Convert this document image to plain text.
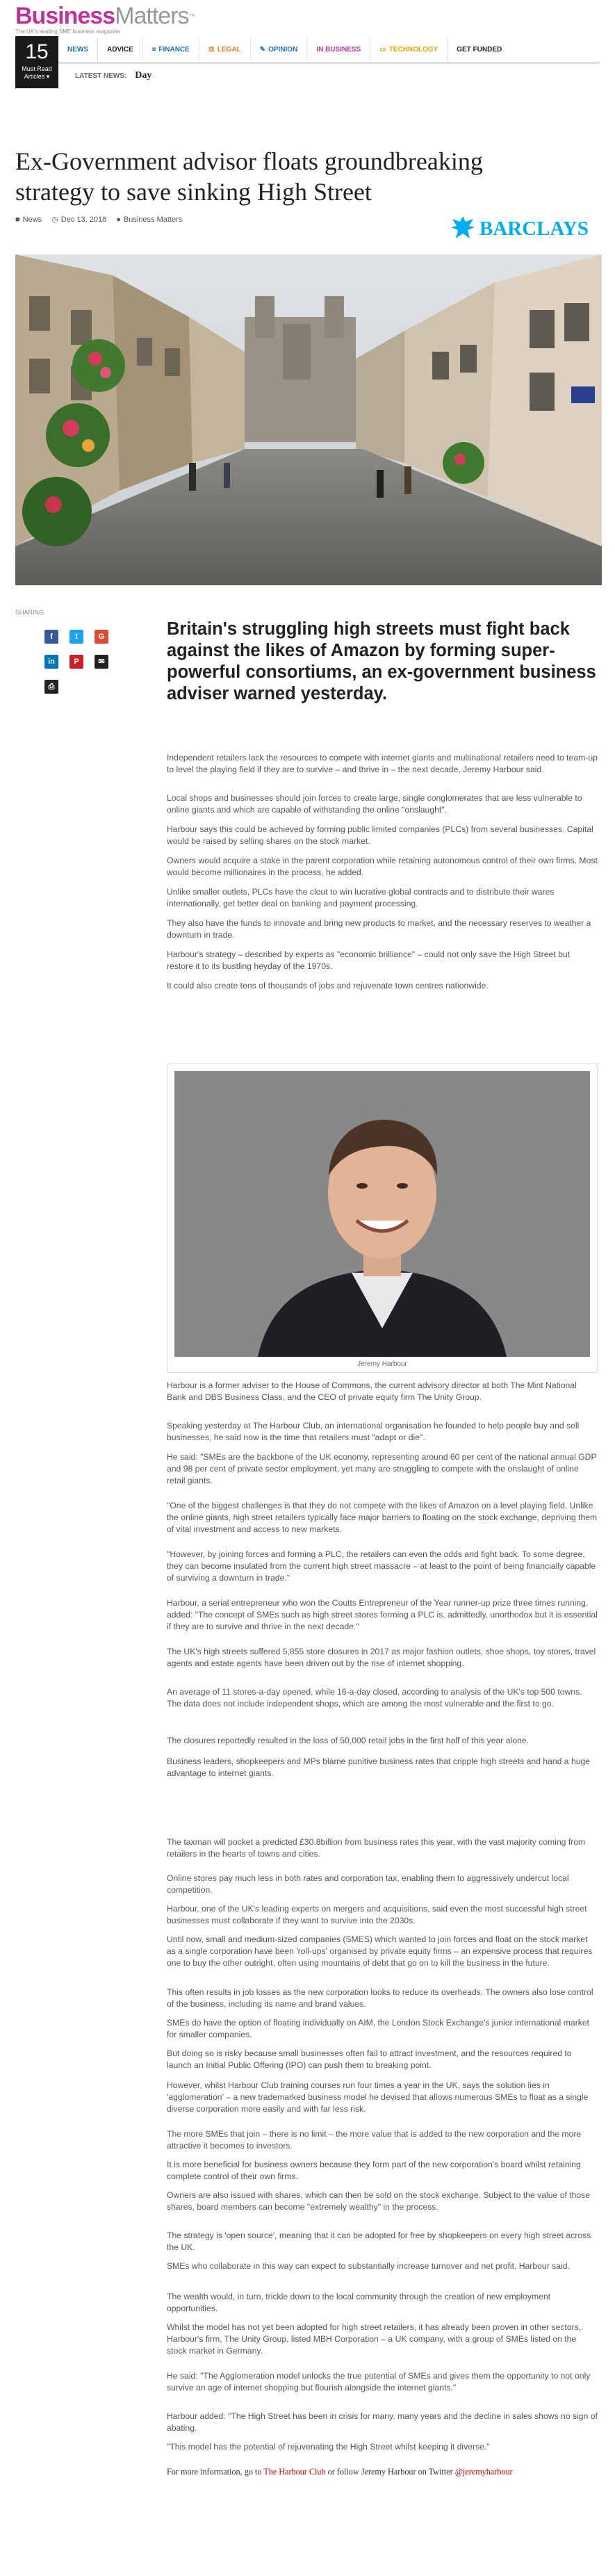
BusinessMatters™
The UK's leading SME business magazine
15
Must Read Articles ▾
NEWS	ADVICE	¤ FINANCE	⚖ LEGAL	✎ OPINION	IN BUSINESS	▭ TECHNOLOGY	GET FUNDED
LATEST NEWS: Day
Ex-Government advisor floats groundbreaking strategy to save sinking High Street
■ News ◷ Dec 13, 2018 ● Business Matters	BARCLAYS
SHARING
f	t	G
in	P	✉
⎙
Britain's struggling high streets must fight back against the likes of Amazon by forming super-powerful consortiums, an ex-government business adviser warned yesterday.

Independent retailers lack the resources to compete with internet giants and multinational retailers need to team-up to level the playing field if they are to survive – and thrive in – the next decade, Jeremy Harbour said.

Local shops and businesses should join forces to create large, single conglomerates that are less vulnerable to online giants and which are capable of withstanding the online "onslaught".

Harbour says this could be achieved by forming public limited companies (PLCs) from several businesses. Capital would be raised by selling shares on the stock market.

Owners would acquire a stake in the parent corporation while retaining autonomous control of their own firms. Most would become millionaires in the process, he added.

Unlike smaller outlets, PLCs have the clout to win lucrative global contracts and to distribute their wares internationally, get better deal on banking and payment processing.

They also have the funds to innovate and bring new products to market, and the necessary reserves to weather a downturn in trade.

Harbour's strategy – described by experts as "economic brilliance" – could not only save the High Street but restore it to its bustling heyday of the 1970s.

It could also create tens of thousands of jobs and rejuvenate town centres nationwide.

Jeremy Harbour

Harbour is a former adviser to the House of Commons, the current advisory director at both The Mint National Bank and DBS Business Class, and the CEO of private equity firm The Unity Group.

Speaking yesterday at The Harbour Club, an international organisation he founded to help people buy and sell businesses, he said now is the time that retailers must "adapt or die".

He said: "SMEs are the backbone of the UK economy, representing around 60 per cent of the national annual GDP and 98 per cent of private sector employment, yet many are struggling to compete with the onslaught of online retail giants.

"One of the biggest challenges is that they do not compete with the likes of Amazon on a level playing field. Unlike the online giants, high street retailers typically face major barriers to floating on the stock exchange, depriving them of vital investment and access to new markets.

"However, by joining forces and forming a PLC, the retailers can even the odds and fight back. To some degree, they can become insulated from the current high street massacre – at least to the point of being financially capable of surviving a downturn in trade."

Harbour, a serial entrepreneur who won the Coutts Entrepreneur of the Year runner-up prize three times running, added: "The concept of SMEs such as high street stores forming a PLC is, admittedly, unorthodox but it is essential if they are to survive and thrive in the next decade."

The UK's high streets suffered 5,855 store closures in 2017 as major fashion outlets, shoe shops, toy stores, travel agents and estate agents have been driven out by the rise of internet shopping.

An average of 11 stores-a-day opened, while 16-a-day closed, according to analysis of the UK's top 500 towns. The data does not include independent shops, which are among the most vulnerable and the first to go.

The closures reportedly resulted in the loss of 50,000 retail jobs in the first half of this year alone.

Business leaders, shopkeepers and MPs blame punitive business rates that cripple high streets and hand a huge advantage to internet giants.

The taxman will pocket a predicted £30.8billion from business rates this year, with the vast majority coming from retailers in the hearts of towns and cities.

Online stores pay much less in both rates and corporation tax, enabling them to aggressively undercut local competition.

Harbour, one of the UK's leading experts on mergers and acquisitions, said even the most successful high street businesses must collaborate if they want to survive into the 2030s.

Until now, small and medium-sized companies (SMES) which wanted to join forces and float on the stock market as a single corporation have been 'roll-ups' organised by private equity firms – an expensive process that requires one to buy the other outright, often using mountains of debt that go on to kill the business in the future.

This often results in job losses as the new corporation looks to reduce its overheads. The owners also lose control of the business, including its name and brand values.

SMEs do have the option of floating individually on AIM, the London Stock Exchange's junior international market for smaller companies.

But doing so is risky because small businesses often fail to attract investment, and the resources required to launch an Initial Public Offering (IPO) can push them to breaking point.

However, whilst Harbour Club training courses run four times a year in the UK, says the solution lies in 'agglomeration' – a new trademarked business model he devised that allows numerous SMEs to float as a single diverse corporation more easily and with far less risk.

The more SMEs that join – there is no limit – the more value that is added to the new corporation and the more attractive it becomes to investors.

It is more beneficial for business owners because they form part of the new corporation's board whilst retaining complete control of their own firms.

Owners are also issued with shares, which can then be sold on the stock exchange. Subject to the value of those shares, board members can become "extremely wealthy" in the process.

The strategy is 'open source', meaning that it can be adopted for free by shopkeepers on every high street across the UK.

SMEs who collaborate in this way can expect to substantially increase turnover and net profit, Harbour said.

The wealth would, in turn, trickle down to the local community through the creation of new employment opportunities.

Whilst the model has not yet been adopted for high street retailers, it has already been proven in other sectors,. Harbour's firm, The Unity Group, listed MBH Corporation – a UK company, with a group of SMEs listed on the stock market in Germany.

He said: "The Agglomeration model unlocks the true potential of SMEs and gives them the opportunity to not only survive an age of internet shopping but flourish alongside the internet giants."

Harbour added: "The High Street has been in crisis for many, many years and the decline in sales shows no sign of abating.

"This model has the potential of rejuvenating the High Street whilst keeping it diverse."

For more information, go to The Harbour Club or follow Jeremy Harbour on Twitter @jeremyharbour
